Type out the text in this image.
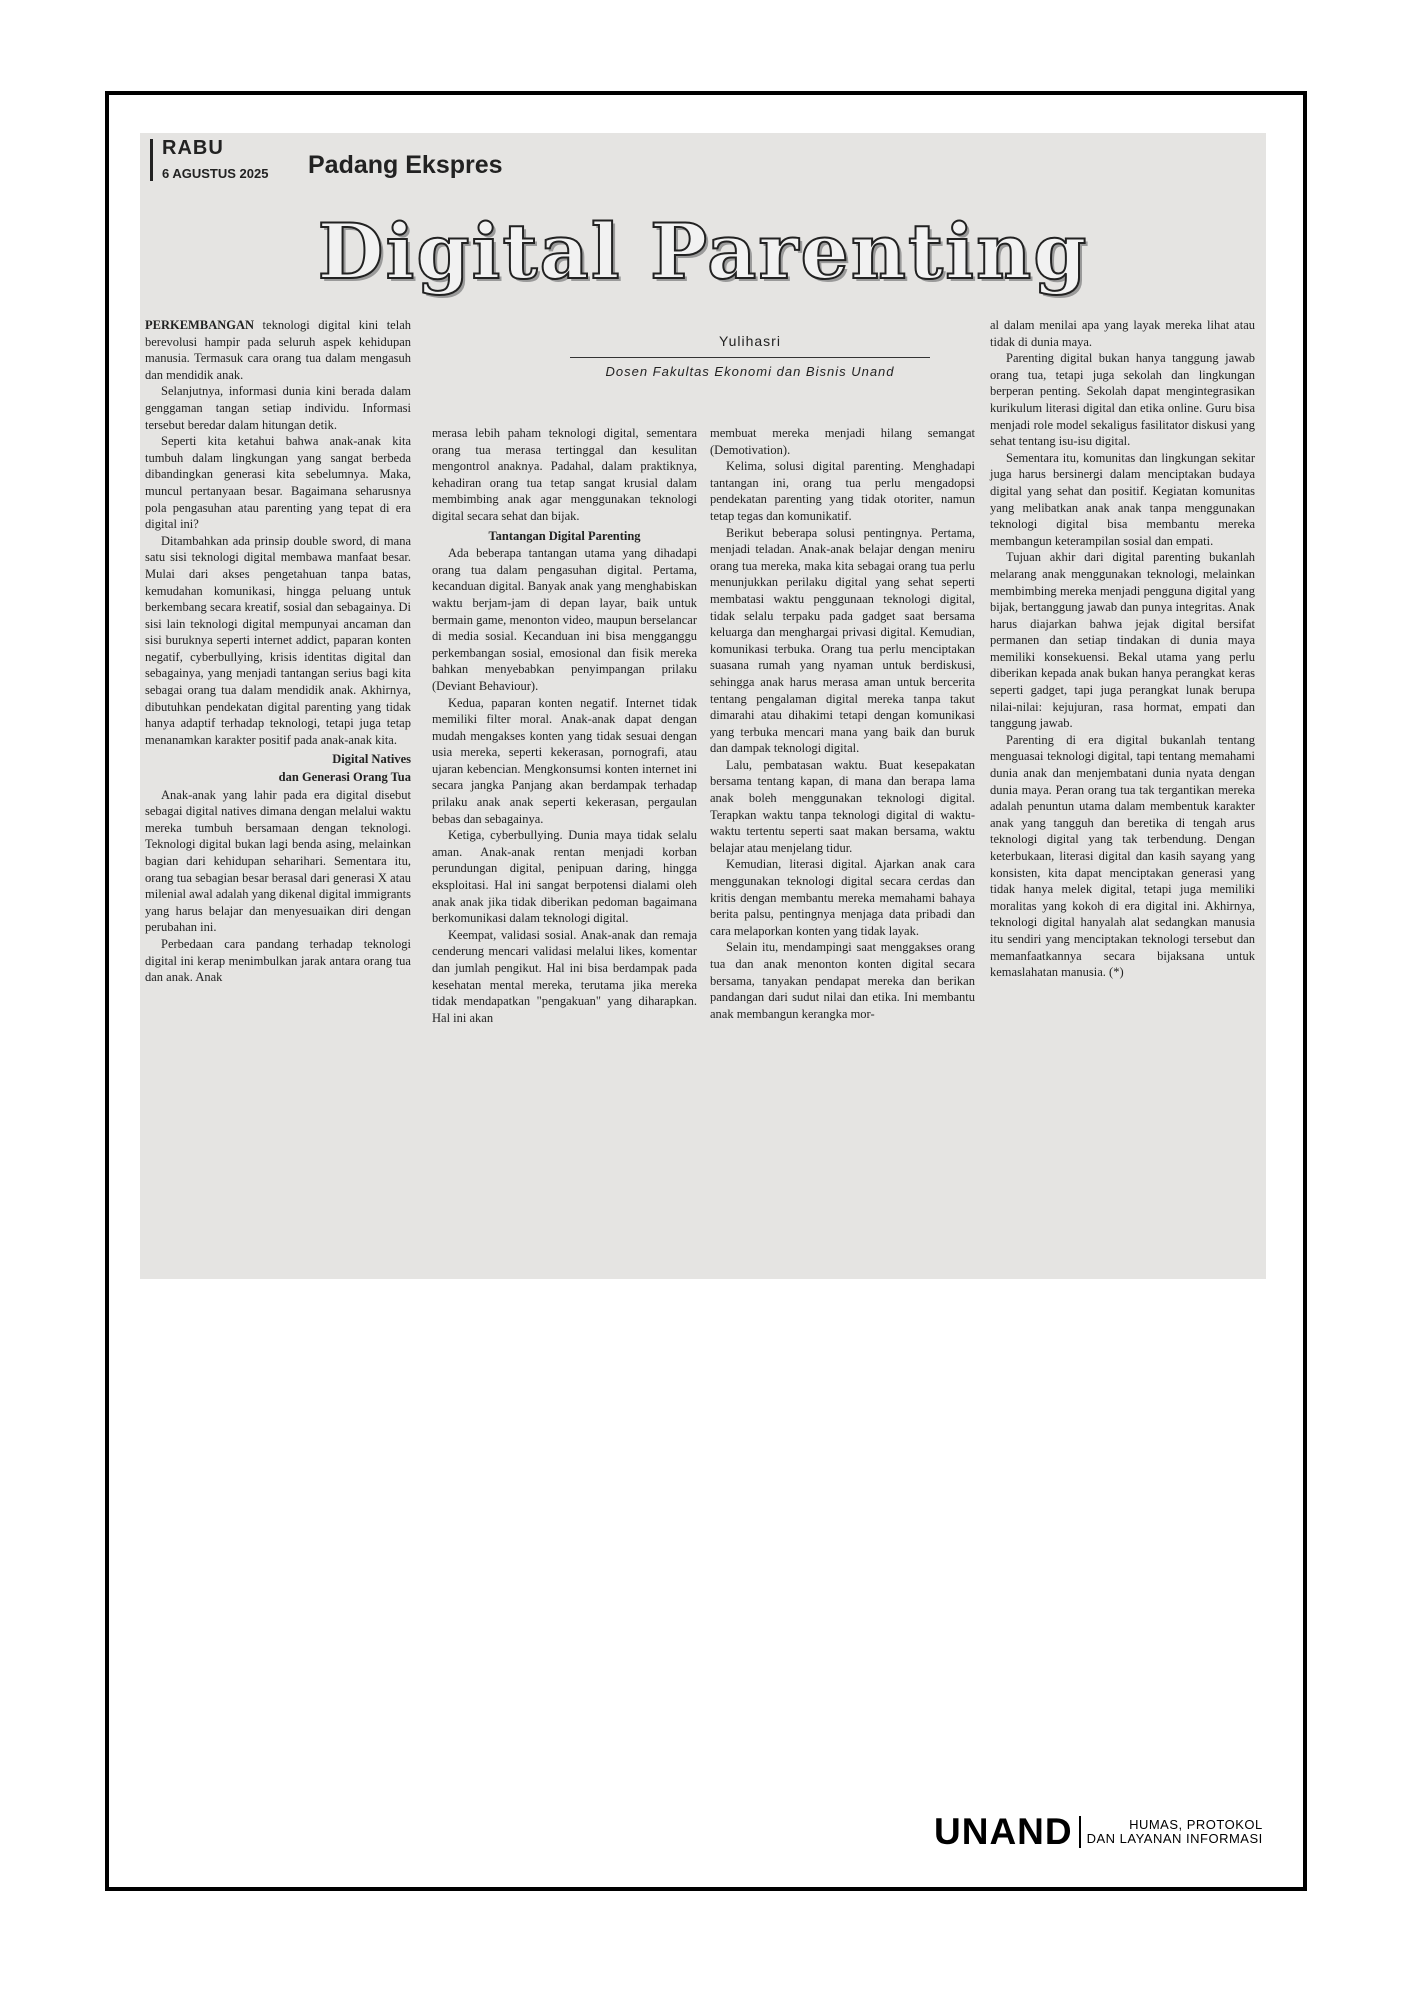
RABU
6 AGUSTUS 2025 Padang Ekspres
Digital Parenting
Yulihasri
Dosen Fakultas Ekonomi dan Bisnis Unand

PERKEMBANGAN teknologi digital kini telah berevolusi hampir pada seluruh aspek kehidupan manusia. Termasuk cara orang tua dalam mengasuh dan mendidik anak.

Selanjutnya, informasi dunia kini berada dalam genggaman tangan setiap individu. Informasi tersebut beredar dalam hitungan detik.

Seperti kita ketahui bahwa anak-anak kita tumbuh dalam lingkungan yang sangat berbeda dibandingkan generasi kita sebelumnya. Maka, muncul pertanyaan besar. Bagaimana seharusnya pola pengasuhan atau parenting yang tepat di era digital ini?

Ditambahkan ada prinsip double sword, di mana satu sisi teknologi digital membawa manfaat besar. Mulai dari akses pengetahuan tanpa batas, kemudahan komunikasi, hingga peluang untuk berkembang secara kreatif, sosial dan sebagainya. Di sisi lain teknologi digital mempunyai ancaman dan sisi buruknya seperti internet addict, paparan konten negatif, cyberbullying, krisis identitas digital dan sebagainya, yang menjadi tantangan serius bagi kita sebagai orang tua dalam mendidik anak. Akhirnya, dibutuhkan pendekatan digital parenting yang tidak hanya adaptif terhadap teknologi, tetapi juga tetap menanamkan karakter positif pada anak-anak kita.

Digital Natives
dan Generasi Orang Tua

Anak-anak yang lahir pada era digital disebut sebagai digital natives dimana dengan melalui waktu mereka tumbuh bersamaan dengan teknologi. Teknologi digital bukan lagi benda asing, melainkan bagian dari kehidupan seharihari. Sementara itu, orang tua sebagian besar berasal dari generasi X atau milenial awal adalah yang dikenal digital immigrants yang harus belajar dan menyesuaikan diri dengan perubahan ini.

Perbedaan cara pandang terhadap teknologi digital ini kerap menimbulkan jarak antara orang tua dan anak. Anak

merasa lebih paham teknologi digital, sementara orang tua merasa tertinggal dan kesulitan mengontrol anaknya. Padahal, dalam praktiknya, kehadiran orang tua tetap sangat krusial dalam membimbing anak agar menggunakan teknologi digital secara sehat dan bijak.

Tantangan Digital Parenting

Ada beberapa tantangan utama yang dihadapi orang tua dalam pengasuhan digital. Pertama, kecanduan digital. Banyak anak yang menghabiskan waktu berjam-jam di depan layar, baik untuk bermain game, menonton video, maupun berselancar di media sosial. Kecanduan ini bisa mengganggu perkembangan sosial, emosional dan fisik mereka bahkan menyebabkan penyimpangan prilaku (Deviant Behaviour).

Kedua, paparan konten negatif. Internet tidak memiliki filter moral. Anak-anak dapat dengan mudah mengakses konten yang tidak sesuai dengan usia mereka, seperti kekerasan, pornografi, atau ujaran kebencian. Mengkonsumsi konten internet ini secara jangka Panjang akan berdampak terhadap prilaku anak anak seperti kekerasan, pergaulan bebas dan sebagainya.

Ketiga, cyberbullying. Dunia maya tidak selalu aman. Anak-anak rentan menjadi korban perundungan digital, penipuan daring, hingga eksploitasi. Hal ini sangat berpotensi dialami oleh anak anak jika tidak diberikan pedoman bagaimana berkomunikasi dalam teknologi digital.

Keempat, validasi sosial. Anak-anak dan remaja cenderung mencari validasi melalui likes, komentar dan jumlah pengikut. Hal ini bisa berdampak pada kesehatan mental mereka, terutama jika mereka tidak mendapatkan "pengakuan" yang diharapkan. Hal ini akan

membuat mereka menjadi hilang semangat (Demotivation).

Kelima, solusi digital parenting. Menghadapi tantangan ini, orang tua perlu mengadopsi pendekatan parenting yang tidak otoriter, namun tetap tegas dan komunikatif.

Berikut beberapa solusi pentingnya. Pertama, menjadi teladan. Anak-anak belajar dengan meniru orang tua mereka, maka kita sebagai orang tua perlu menunjukkan perilaku digital yang sehat seperti membatasi waktu penggunaan teknologi digital, tidak selalu terpaku pada gadget saat bersama keluarga dan menghargai privasi digital. Kemudian, komunikasi terbuka. Orang tua perlu menciptakan suasana rumah yang nyaman untuk berdiskusi, sehingga anak harus merasa aman untuk bercerita tentang pengalaman digital mereka tanpa takut dimarahi atau dihakimi tetapi dengan komunikasi yang terbuka mencari mana yang baik dan buruk dan dampak teknologi digital.

Lalu, pembatasan waktu. Buat kesepakatan bersama tentang kapan, di mana dan berapa lama anak boleh menggunakan teknologi digital. Terapkan waktu tanpa teknologi digital di waktu-waktu tertentu seperti saat makan bersama, waktu belajar atau menjelang tidur.

Kemudian, literasi digital. Ajarkan anak cara menggunakan teknologi digital secara cerdas dan kritis dengan membantu mereka memahami bahaya berita palsu, pentingnya menjaga data pribadi dan cara melaporkan konten yang tidak layak.

Selain itu, mendampingi saat menggakses orang tua dan anak menonton konten digital secara bersama, tanyakan pendapat mereka dan berikan pandangan dari sudut nilai dan etika. Ini membantu anak membangun kerangka mor-

al dalam menilai apa yang layak mereka lihat atau tidak di dunia maya.

Parenting digital bukan hanya tanggung jawab orang tua, tetapi juga sekolah dan lingkungan berperan penting. Sekolah dapat mengintegrasikan kurikulum literasi digital dan etika online. Guru bisa menjadi role model sekaligus fasilitator diskusi yang sehat tentang isu-isu digital.

Sementara itu, komunitas dan lingkungan sekitar juga harus bersinergi dalam menciptakan budaya digital yang sehat dan positif. Kegiatan komunitas yang melibatkan anak anak tanpa menggunakan teknologi digital bisa membantu mereka membangun keterampilan sosial dan empati.

Tujuan akhir dari digital parenting bukanlah melarang anak menggunakan teknologi, melainkan membimbing mereka menjadi pengguna digital yang bijak, bertanggung jawab dan punya integritas. Anak harus diajarkan bahwa jejak digital bersifat permanen dan setiap tindakan di dunia maya memiliki konsekuensi. Bekal utama yang perlu diberikan kepada anak bukan hanya perangkat keras seperti gadget, tapi juga perangkat lunak berupa nilai-nilai: kejujuran, rasa hormat, empati dan tanggung jawab.

Parenting di era digital bukanlah tentang menguasai teknologi digital, tapi tentang memahami dunia anak dan menjembatani dunia nyata dengan dunia maya. Peran orang tua tak tergantikan mereka adalah penuntun utama dalam membentuk karakter anak yang tangguh dan beretika di tengah arus teknologi digital yang tak terbendung. Dengan keterbukaan, literasi digital dan kasih sayang yang konsisten, kita dapat menciptakan generasi yang tidak hanya melek digital, tetapi juga memiliki moralitas yang kokoh di era digital ini. Akhirnya, teknologi digital hanyalah alat sedangkan manusia itu sendiri yang menciptakan teknologi tersebut dan memanfaatkannya secara bijaksana untuk kemaslahatan manusia. (*)

UNAND	HUMAS, PROTOKOL
DAN LAYANAN INFORMASI
